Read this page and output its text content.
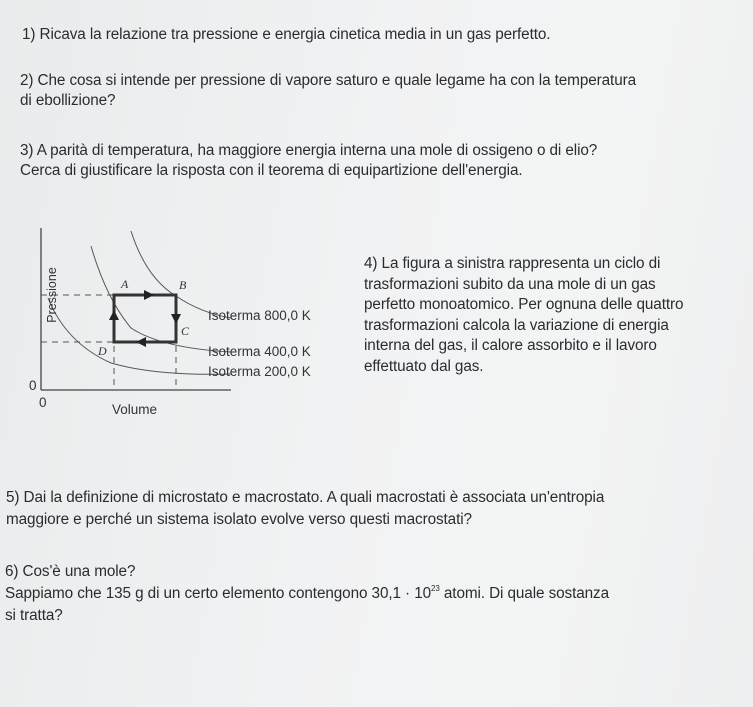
1) Ricava la relazione tra pressione e energia cinetica media in un gas perfetto.
2) Che cosa si intende per pressione di vapore saturo e quale legame ha con la temperatura
di ebollizione?
3) A parità di temperatura, ha maggiore energia interna una mole di ossigeno o di elio?
Cerca di giustificare la risposta con il teorema di equipartizione dell'energia.
Pressione
0
0	Volume
A	B
C
D
Isoterma 800,0 K
Isoterma 400,0 K
Isoterma 200,0 K
4) La figura a sinistra rappresenta un ciclo di
trasformazioni subito da una mole di un gas
perfetto monoatomico. Per ognuna delle quattro
trasformazioni calcola la variazione di energia
interna del gas, il calore assorbito e il lavoro
effettuato dal gas.
5) Dai la definizione di microstato e macrostato. A quali macrostati è associata un'entropia
maggiore e perché un sistema isolato evolve verso questi macrostati?
6) Cos'è una mole?
Sappiamo che 135 g di un certo elemento contengono $30,1 \cdot 10^{23}$ atomi. Di quale sostanza
si tratta?
